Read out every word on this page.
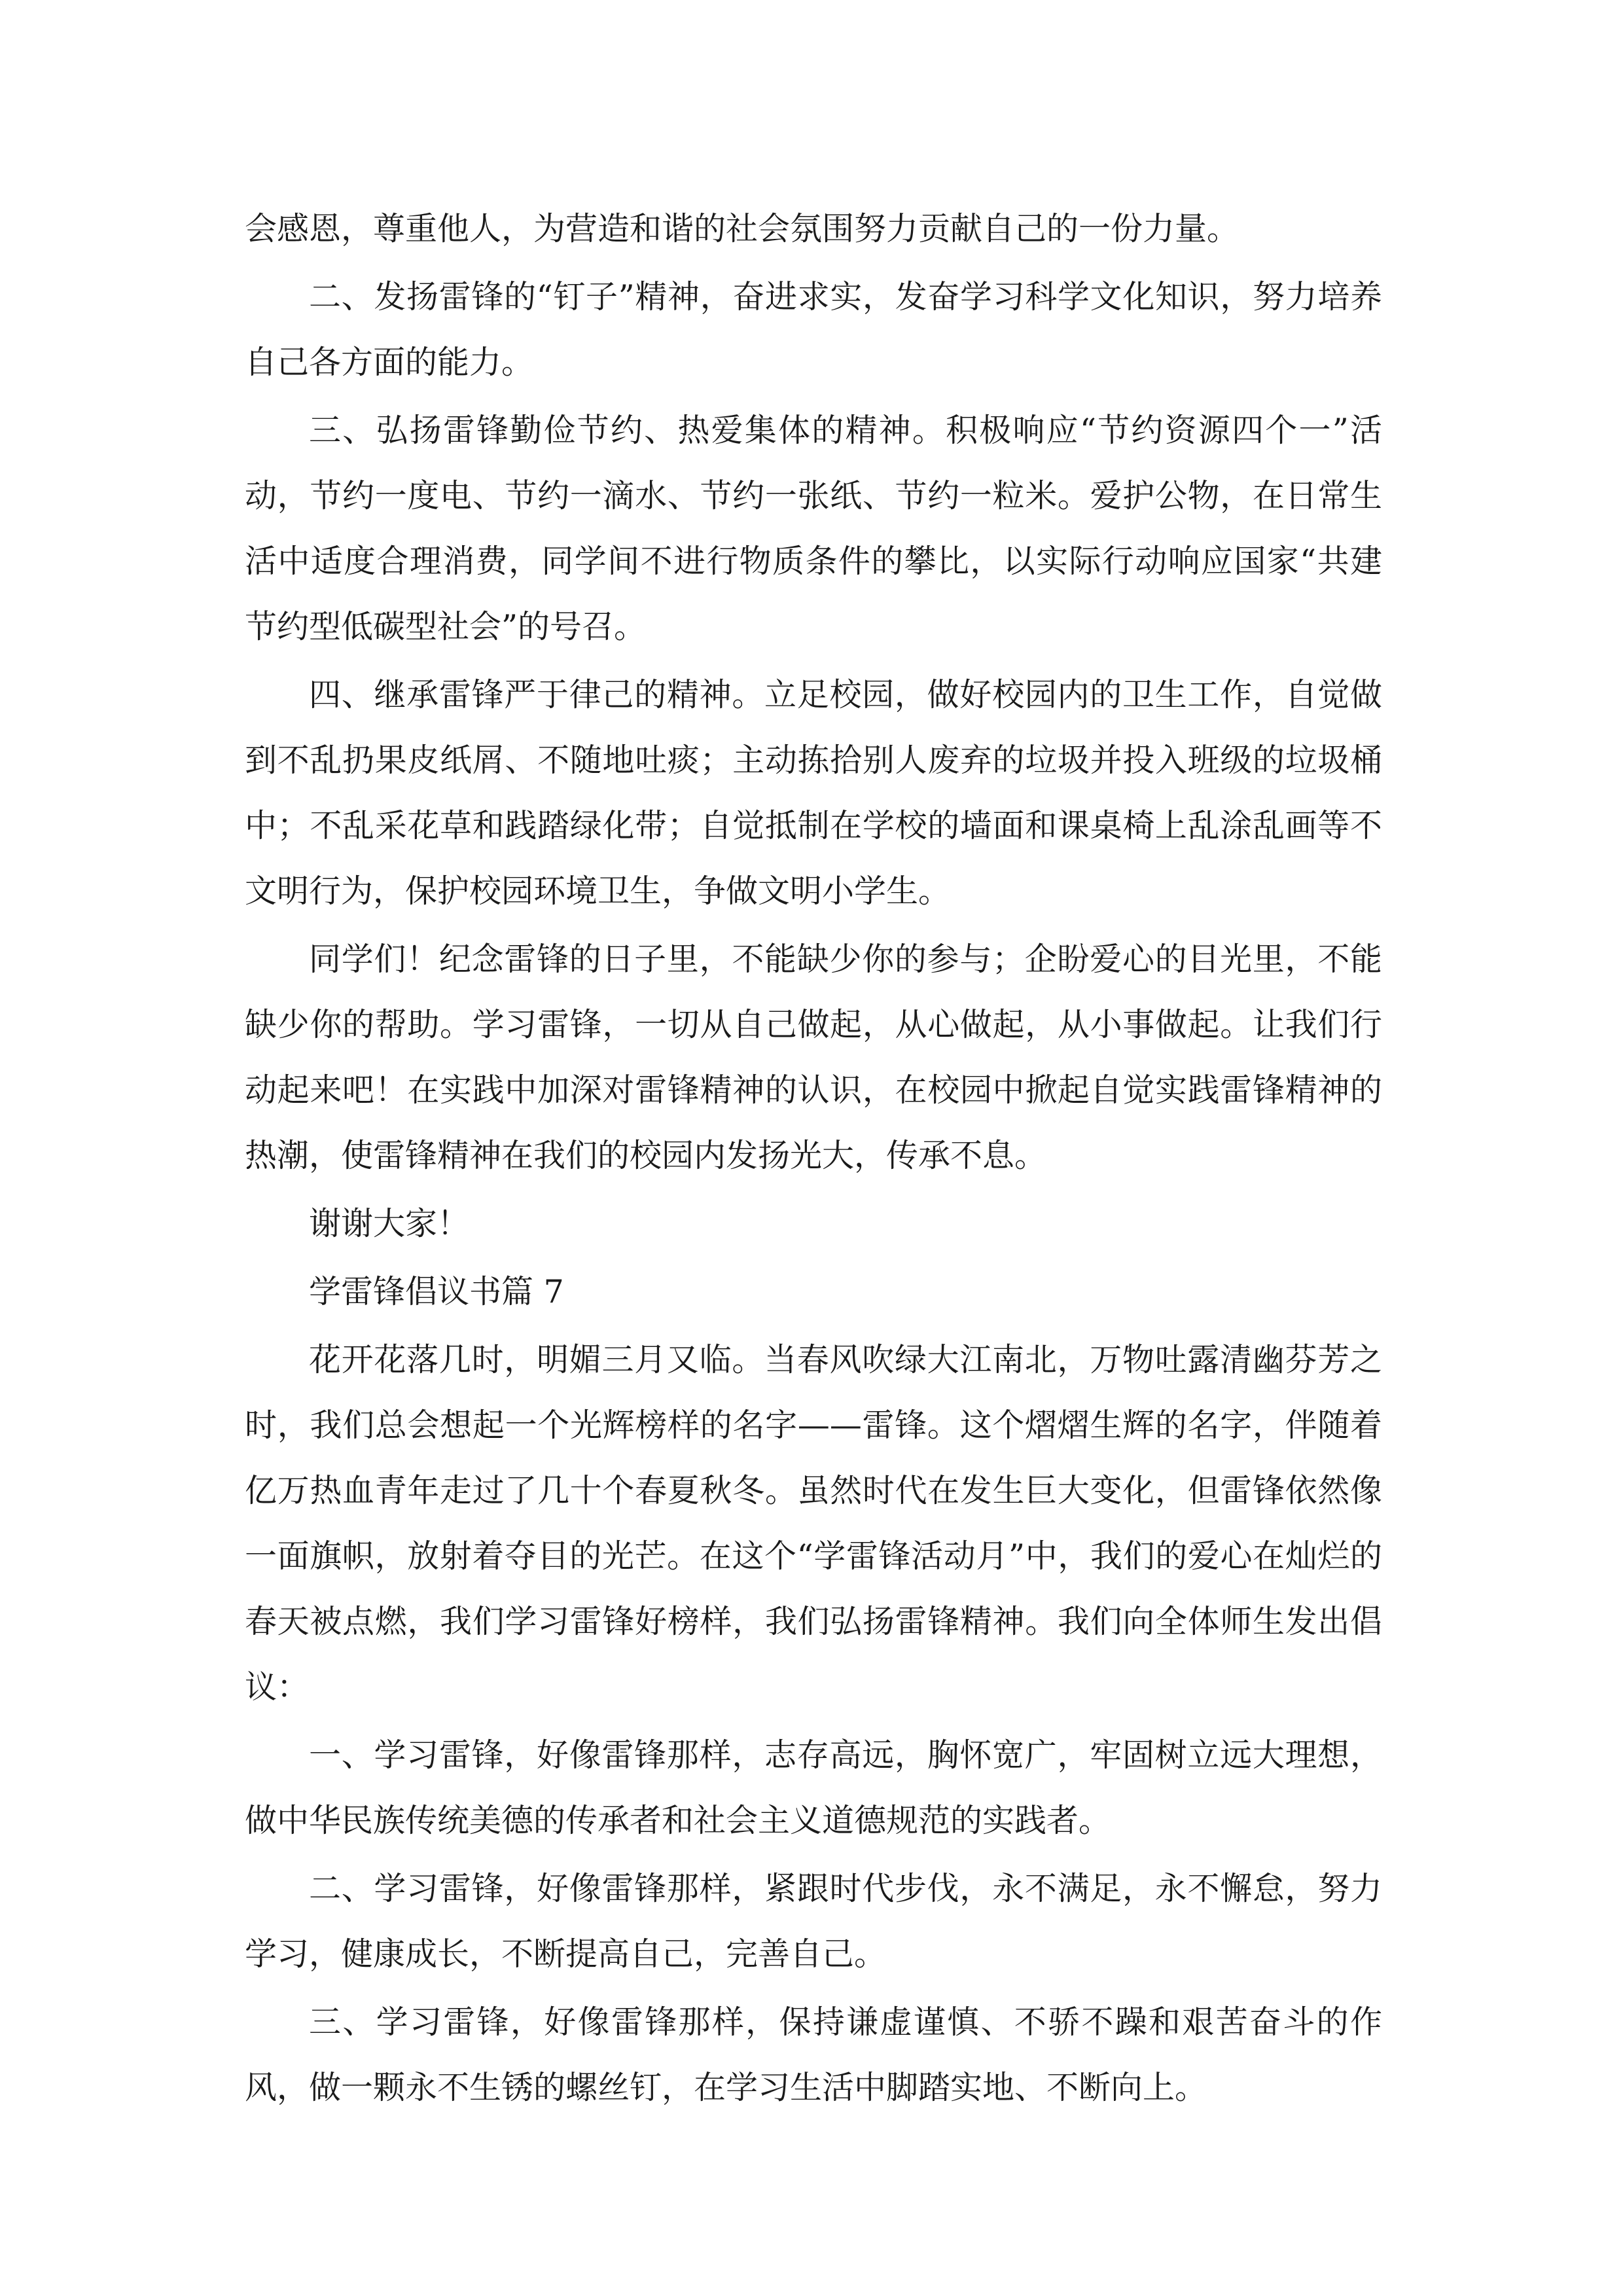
会感恩，尊重他人，为营造和谐的社会氛围努力贡献自己的一份力量。

二、发扬雷锋的“钉子”精神，奋进求实，发奋学习科学文化知识，努力培养自己各方面的能力。

三、弘扬雷锋勤俭节约、热爱集体的精神。积极响应“节约资源四个一”活动，节约一度电、节约一滴水、节约一张纸、节约一粒米。爱护公物，在日常生活中适度合理消费，同学间不进行物质条件的攀比，以实际行动响应国家“共建节约型低碳型社会”的号召。

四、继承雷锋严于律己的精神。立足校园，做好校园内的卫生工作，自觉做到不乱扔果皮纸屑、不随地吐痰；主动拣拾别人废弃的垃圾并投入班级的垃圾桶中；不乱采花草和践踏绿化带；自觉抵制在学校的墙面和课桌椅上乱涂乱画等不文明行为，保护校园环境卫生，争做文明小学生。

同学们！纪念雷锋的日子里，不能缺少你的参与；企盼爱心的目光里，不能缺少你的帮助。学习雷锋，一切从自己做起，从心做起，从小事做起。让我们行动起来吧！在实践中加深对雷锋精神的认识，在校园中掀起自觉实践雷锋精神的热潮，使雷锋精神在我们的校园内发扬光大，传承不息。

谢谢大家！

学雷锋倡议书篇 7

花开花落几时，明媚三月又临。当春风吹绿大江南北，万物吐露清幽芬芳之时，我们总会想起一个光辉榜样的名字——雷锋。这个熠熠生辉的名字，伴随着亿万热血青年走过了几十个春夏秋冬。虽然时代在发生巨大变化，但雷锋依然像一面旗帜，放射着夺目的光芒。在这个“学雷锋活动月”中，我们的爱心在灿烂的春天被点燃，我们学习雷锋好榜样，我们弘扬雷锋精神。我们向全体师生发出倡议：

一、学习雷锋，好像雷锋那样，志存高远，胸怀宽广，牢固树立远大理想，做中华民族传统美德的传承者和社会主义道德规范的实践者。

二、学习雷锋，好像雷锋那样，紧跟时代步伐，永不满足，永不懈怠，努力学习，健康成长，不断提高自己，完善自己。

三、学习雷锋，好像雷锋那样，保持谦虚谨慎、不骄不躁和艰苦奋斗的作风，做一颗永不生锈的螺丝钉，在学习生活中脚踏实地、不断向上。
